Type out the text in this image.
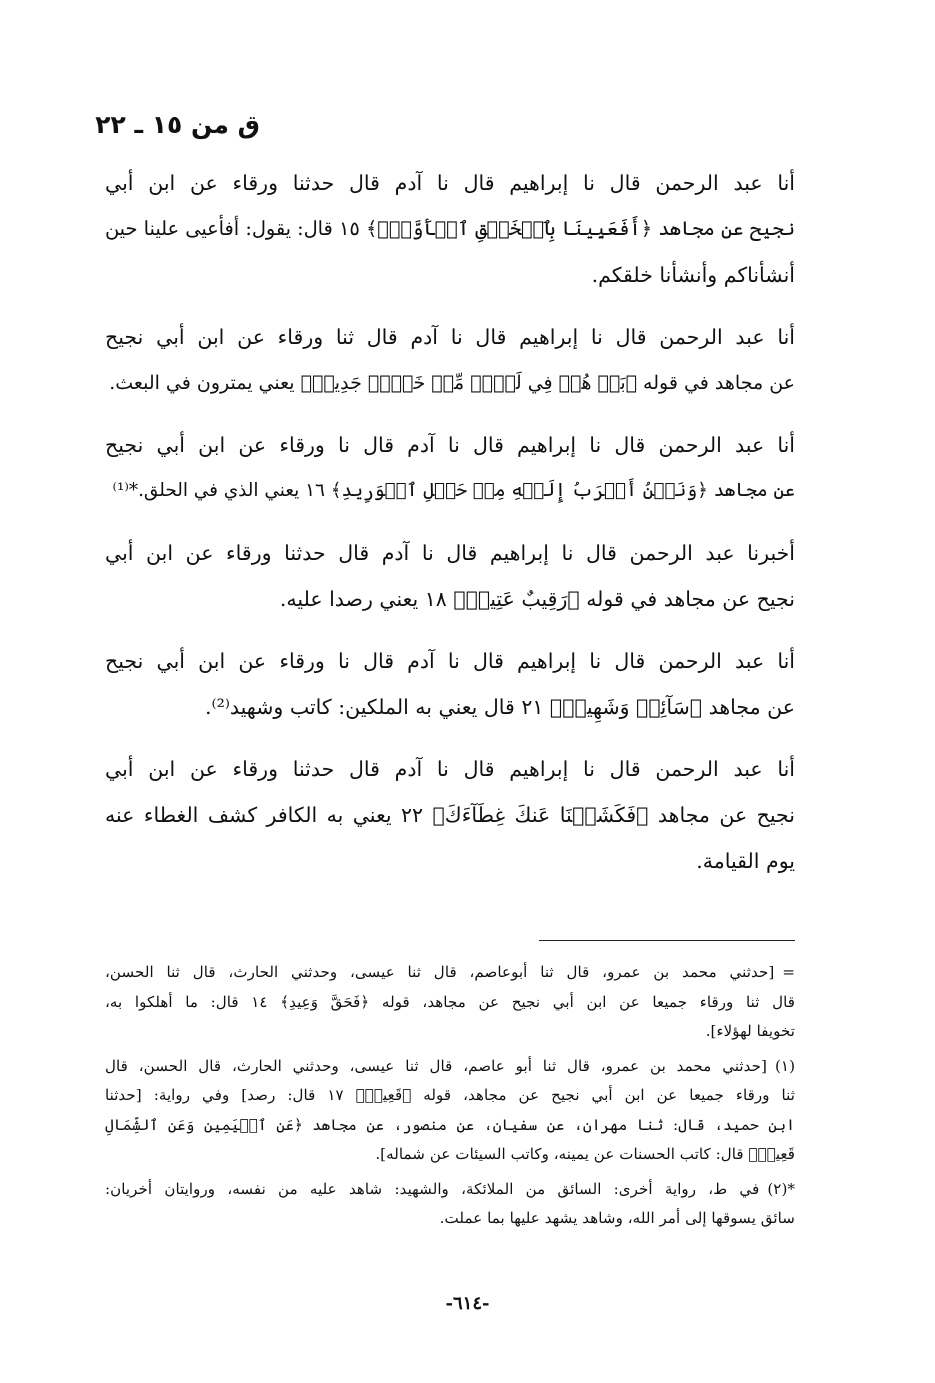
ق من ١٥ ـ ٢٢
أنا عبد الرحمن قال نا إبراهيم قال نا آدم قال حدثنا ورقاء عن ابن أبي
نجيح عن مجاهد ﴿أَفَعَيِينَا بِٱلۡخَلۡقِ ٱلۡأَوَّلِۚ﴾ ١٥ قال: يقول: أفأعيى علينا حين
أنشأناكم وأنشأنا خلقكم.
أنا عبد الرحمن قال نا إبراهيم قال نا آدم قال ثنا ورقاء عن ابن أبي نجيح
عن مجاهد في قوله ﴿بَلۡ هُمۡ فِي لَبۡسٖ مِّنۡ خَلۡقٖ جَدِيدٖ﴾ يعني يمترون في البعث.
أنا عبد الرحمن قال نا إبراهيم قال نا آدم قال نا ورقاء عن ابن أبي نجيح
عن مجاهد ﴿وَنَحۡنُ أَقۡرَبُ إِلَيۡهِ مِنۡ حَبۡلِ ٱلۡوَرِيدِ﴾ ١٦ يعني الذي في الحلق.*⁽¹⁾
أخبرنا عبد الرحمن قال نا إبراهيم قال نا آدم قال حدثنا ورقاء عن ابن أبي
نجيح عن مجاهد في قوله ﴿رَقِيبٌ عَتِيدٞ﴾ ١٨ يعني رصدا عليه.
أنا عبد الرحمن قال نا إبراهيم قال نا آدم قال نا ورقاء عن ابن أبي نجيح
عن مجاهد ﴿سَآئِقٞ وَشَهِيدٞ﴾ ٢١ قال يعني به الملكين: كاتب وشهيد⁽²⁾.
أنا عبد الرحمن قال نا إبراهيم قال نا آدم قال حدثنا ورقاء عن ابن أبي
نجيح عن مجاهد ﴿فَكَشَفۡنَا عَنكَ غِطَآءَكَ﴾ ٢٢ يعني به الكافر كشف الغطاء عنه
يوم القيامة.
=[حدثني محمد بن عمرو، قال ثنا أبوعاصم، قال ثنا عيسى، وحدثني الحارث، قال ثنا الحسن،
قال ثنا ورقاء جميعا عن ابن أبي نجيح عن مجاهد، قوله ﴿فَحَقَّ وَعِيدِ﴾ ١٤ قال: ما أهلكوا به،
تخويفا لهؤلاء].
(١)[حدثني محمد بن عمرو، قال ثنا أبو عاصم، قال ثنا عيسى، وحدثني الحارث، قال الحسن، قال
ثنا ورقاء جميعا عن ابن أبي نجيح عن مجاهد، قوله ﴿قَعِيدٞ﴾ ١٧ قال: رصد] وفي رواية: [حدثنا
ابن حميد، قال: ثنا مهران، عن سفيان، عن منصور، عن مجاهد ﴿عَنِ ٱلۡيَمِينِ وَعَنِ ٱلشِّمَالِ
قَعِيدٞ﴾ قال: كاتب الحسنات عن يمينه، وكاتب السيئات عن شماله].
*(٢)في ط، رواية أخرى: السائق من الملائكة، والشهيد: شاهد عليه من نفسه، وروايتان أخريان:
سائق يسوقها إلى أمر الله، وشاهد يشهد عليها بما عملت.
-٦١٤-
